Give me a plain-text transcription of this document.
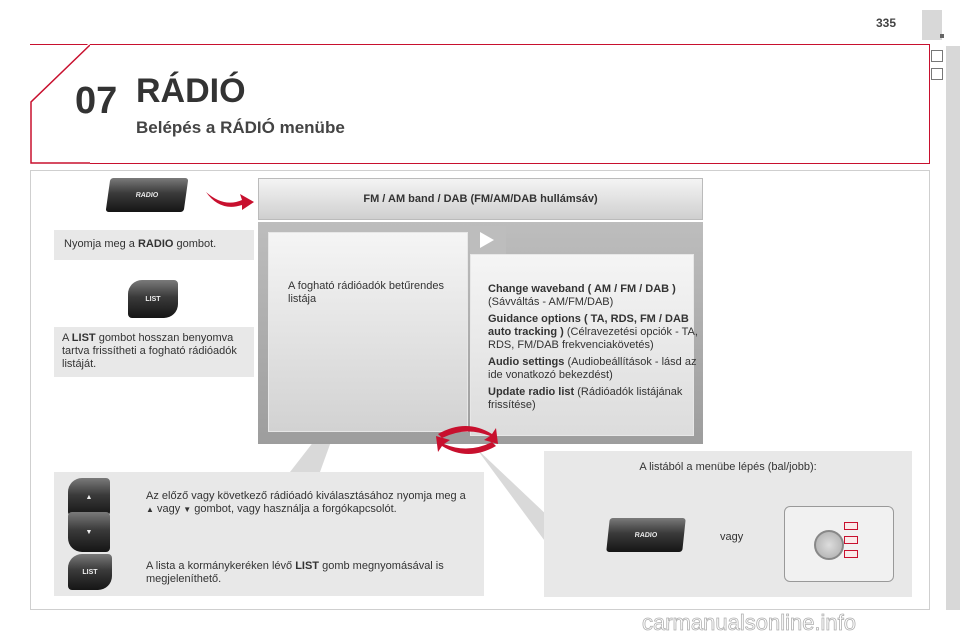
335
07 RÁDIÓ
Belépés a RÁDIÓ menübe
RADIO
Nyomja meg a RADIO gombot.
LIST
A LIST gombot hosszan benyomva tartva frissítheti a fogható rádióadók listáját.
FM / AM band / DAB (FM/AM/DAB hullámsáv)
A fogható rádióadók betűrendes listája

Change waveband ( AM / FM / DAB ) (Sávváltás - AM/FM/DAB)

Guidance options ( TA, RDS, FM / DAB auto tracking ) (Célravezetési opciók - TA, RDS, FM/DAB frekvenciakövetés)

Audio settings (Audiobeállítások - lásd az ide vonatkozó bekezdést)

Update radio list (Rádióadók listájának frissítése)

Az előző vagy következő rádióadó kiválasztásához nyomja meg a ▲ vagy ▼ gombot, vagy használja a forgókapcsolót.
A lista a kormánykeréken lévő LIST gomb megnyomásával is megjeleníthető.
▲
▼
LIST
A listából a menübe lépés (bal/jobb):
vagy
RADIO
carmanualsonline.info
